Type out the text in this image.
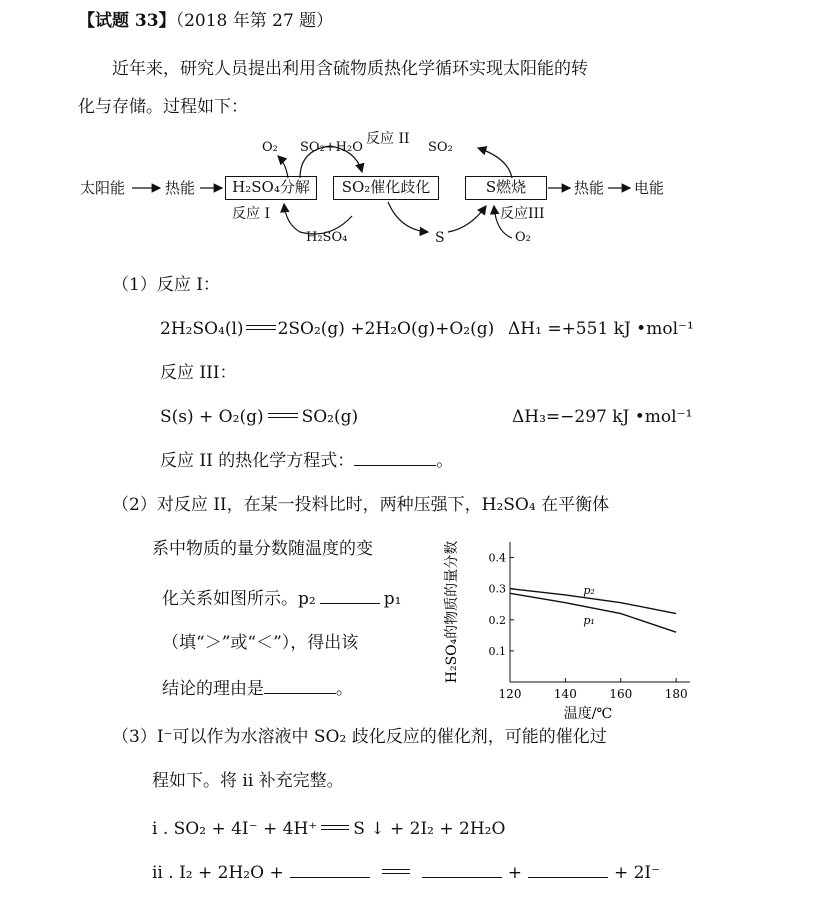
【试题 33】（2018 年第 27 题）
近年来，研究人员提出利用含硫物质热化学循环实现太阳能的转
化与存储。过程如下：
太阳能	热能	H₂SO₄分解	SO₂催化歧化	S燃烧	热能 电能
O₂ SO₂+H₂O
反应 II
SO₂
反应 I	反应III
H₂SO₄	S	O₂
（1）反应 I：
2H₂SO₄(l) 2SO₂(g) +2H₂O(g)+O₂(g) ΔH₁ =+551 kJ •mol⁻¹
反应 III：
S(s) + O₂(g) SO₂(g)	ΔH₃=−297 kJ •mol⁻¹
反应 II 的热化学方程式：	。
（2）对反应 II，在某一投料比时，两种压强下，H₂SO₄ 在平衡体
系中物质的量分数随温度的变
化关系如图所示。p₂	p₁
（填“＞”或“＜”），得出该
结论的理由是	。
0.1
0.2
0.3
0.4
120	140	160	180
p₂
p₁
H₂SO₄的物质的量分数
温度/℃
（3）I⁻可以作为水溶液中 SO₂ 歧化反应的催化剂，可能的催化过
程如下。将 ii 补充完整。
i . SO₂ + 4I⁻ + 4H⁺ S ↓ + 2I₂ + 2H₂O
ii . I₂ + 2H₂O +	+	+ 2I⁻
